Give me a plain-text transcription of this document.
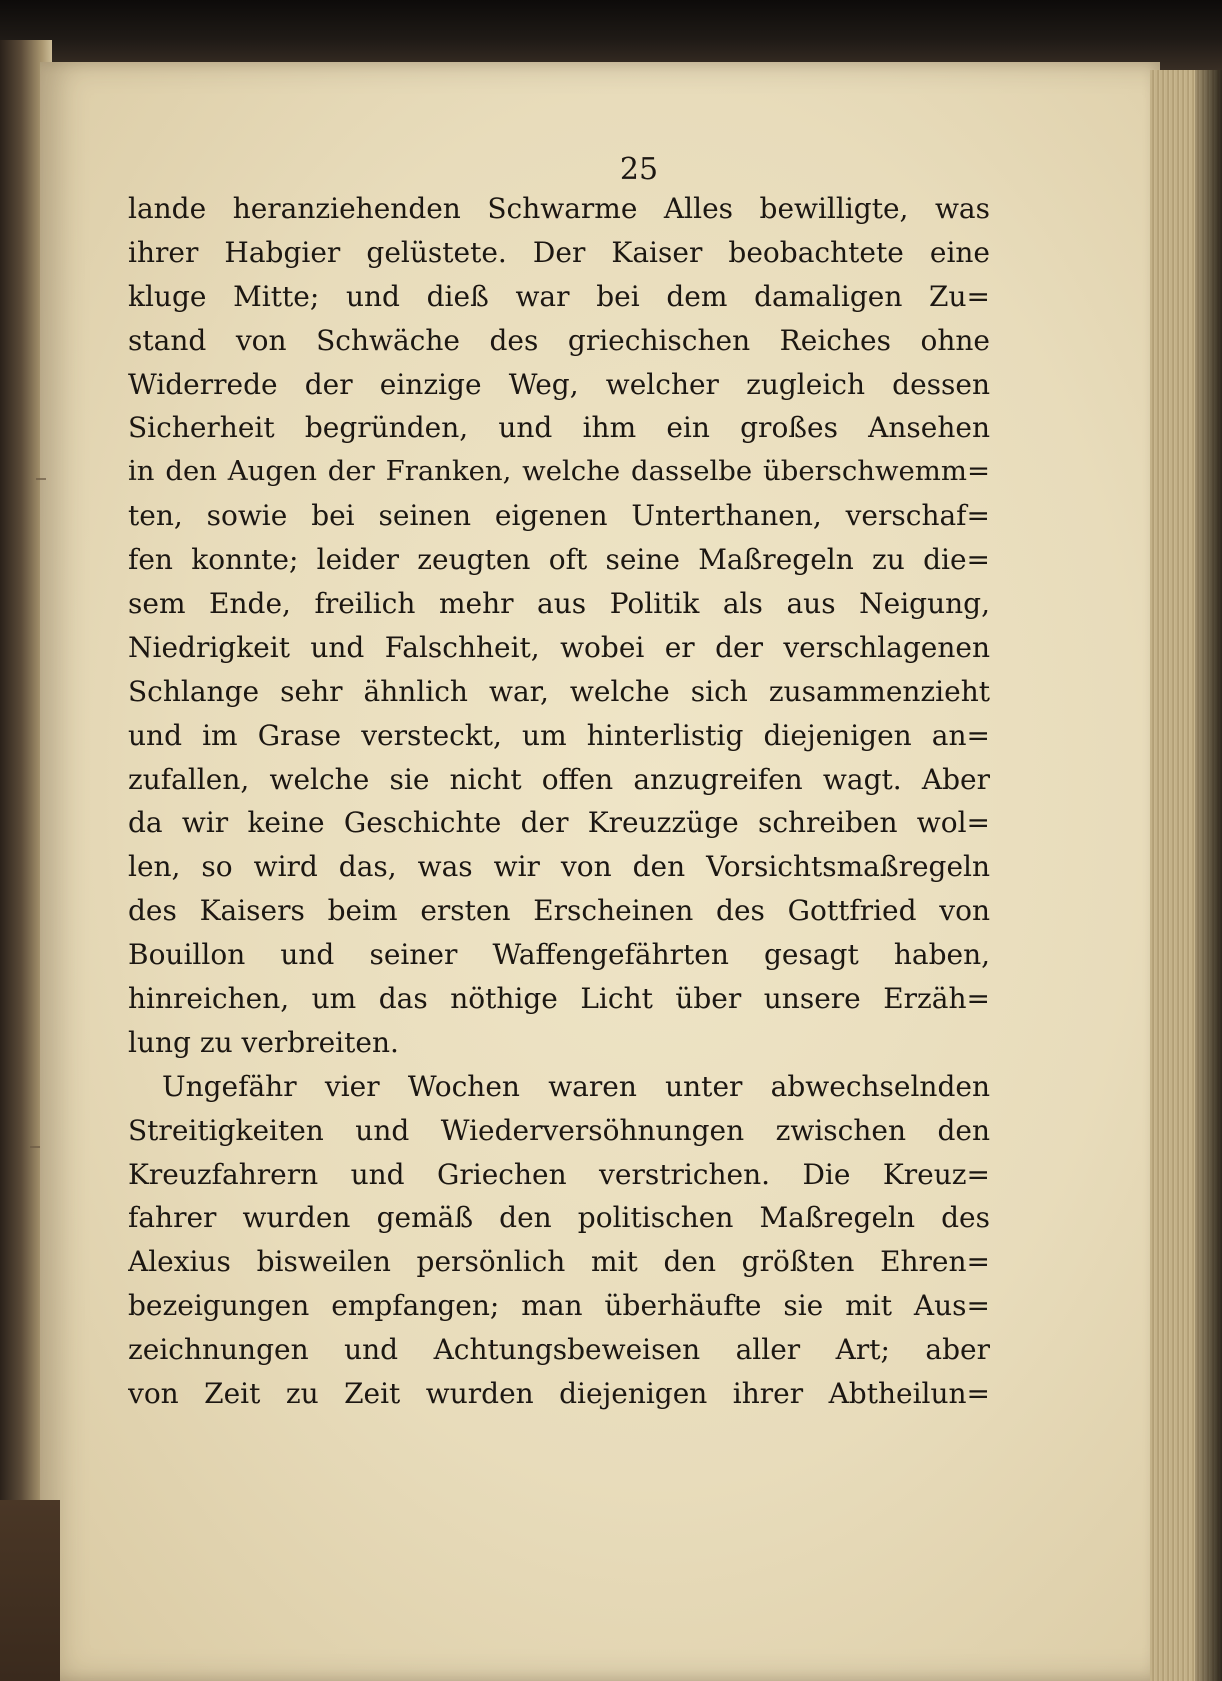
25
lande heranziehenden Schwarme Alles bewilligte, was
ihrer Habgier gelüstete. Der Kaiser beobachtete eine
kluge Mitte; und dieß war bei dem damaligen Zu=
stand von Schwäche des griechischen Reiches ohne
Widerrede der einzige Weg, welcher zugleich dessen
Sicherheit begründen, und ihm ein großes Ansehen
in den Augen der Franken, welche dasselbe überschwemm=
ten, sowie bei seinen eigenen Unterthanen, verschaf=
fen konnte; leider zeugten oft seine Maßregeln zu die=
sem Ende, freilich mehr aus Politik als aus Neigung,
Niedrigkeit und Falschheit, wobei er der verschlagenen
Schlange sehr ähnlich war, welche sich zusammenzieht
und im Grase versteckt, um hinterlistig diejenigen an=
zufallen, welche sie nicht offen anzugreifen wagt. Aber
da wir keine Geschichte der Kreuzzüge schreiben wol=
len, so wird das, was wir von den Vorsichtsmaßregeln
des Kaisers beim ersten Erscheinen des Gottfried von
Bouillon und seiner Waffengefährten gesagt haben,
hinreichen, um das nöthige Licht über unsere Erzäh=
lung zu verbreiten.
Ungefähr vier Wochen waren unter abwechselnden
Streitigkeiten und Wiederversöhnungen zwischen den
Kreuzfahrern und Griechen verstrichen. Die Kreuz=
fahrer wurden gemäß den politischen Maßregeln des
Alexius bisweilen persönlich mit den größten Ehren=
bezeigungen empfangen; man überhäufte sie mit Aus=
zeichnungen und Achtungsbeweisen aller Art; aber
von Zeit zu Zeit wurden diejenigen ihrer Abtheilun=
